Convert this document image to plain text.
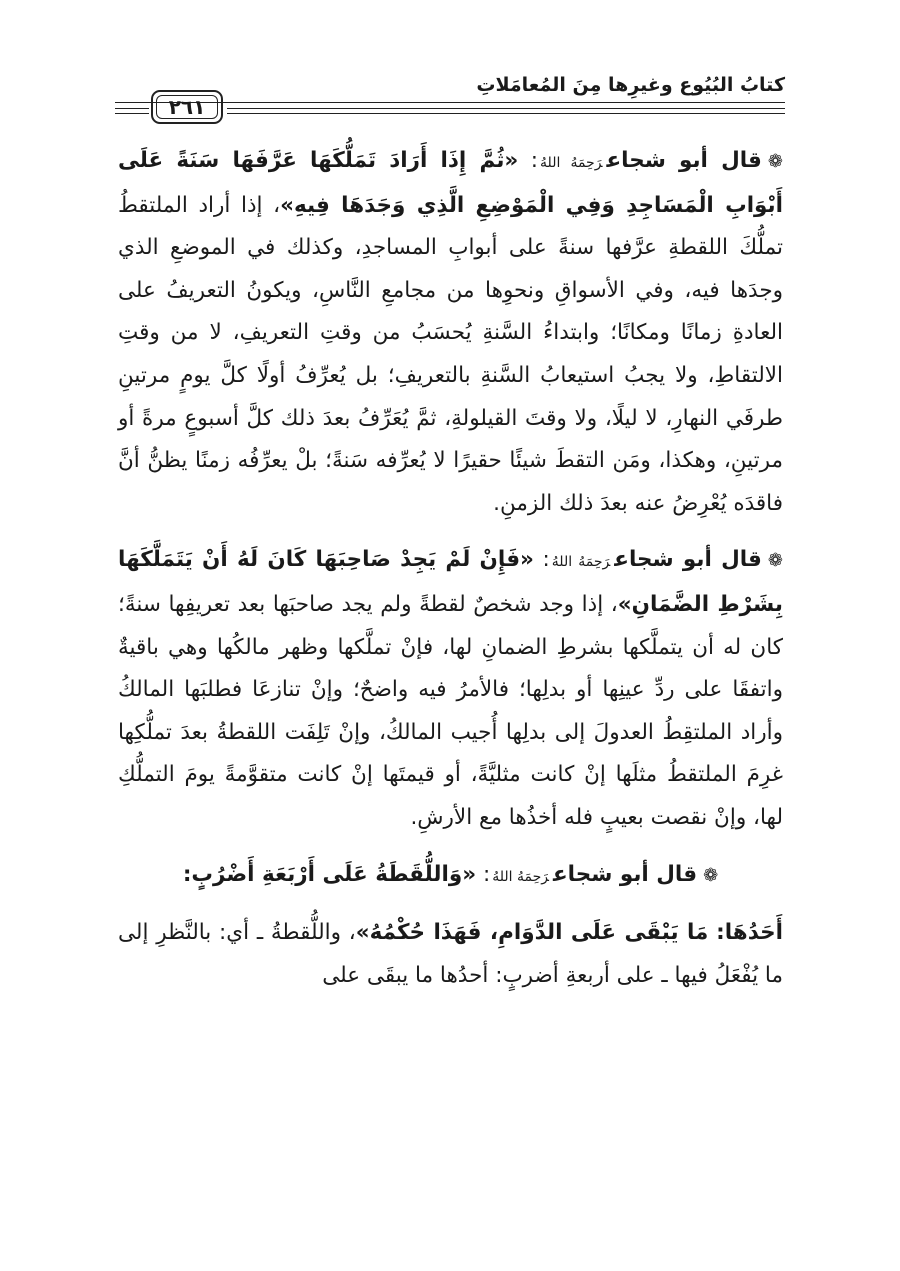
كتابُ البُيُوع وغيرِها مِنَ المُعامَلاتِ
٢٦١

❁قال أبو شجاعرَحِمَهُ اللهُ: «ثُمَّ إِذَا أَرَادَ تَمَلُّكَهَا عَرَّفَهَا سَنَةً عَلَى أَبْوَابِ الْمَسَاجِدِ وَفِي الْمَوْضِعِ الَّذِي وَجَدَهَا فِيهِ»، إذا أراد الملتقطُ تملُّكَ اللقطةِ عرَّفها سنةً على أبوابِ المساجدِ، وكذلك في الموضعِ الذي وجدَها فيه، وفي الأسواقِ ونحوِها من مجامعِ النَّاسِ، ويكونُ التعريفُ على العادةِ زمانًا ومكانًا؛ وابتداءُ السَّنةِ يُحسَبُ من وقتِ التعريفِ، لا من وقتِ الالتقاطِ، ولا يجبُ استيعابُ السَّنةِ بالتعريفِ؛ بل يُعرِّفُ أولًا كلَّ يومٍ مرتينِ طرفَي النهارِ، لا ليلًا، ولا وقتَ القيلولةِ، ثمَّ يُعَرِّفُ بعدَ ذلك كلَّ أسبوعٍ مرةً أو مرتينِ، وهكذا، ومَن التقطَ شيئًا حقيرًا لا يُعرِّفه سَنةً؛ بلْ يعرِّفُه زمنًا يظنُّ أنَّ فاقدَه يُعْرِضُ عنه بعدَ ذلك الزمنِ.

❁قال أبو شجاعرَحِمَهُ اللهُ: «فَإِنْ لَمْ يَجِدْ صَاحِبَهَا كَانَ لَهُ أَنْ يَتَمَلَّكَهَا بِشَرْطِ الضَّمَانِ»، إذا وجد شخصٌ لقطةً ولم يجد صاحبَها بعد تعريفِها سنةً؛ كان له أن يتملَّكها بشرطِ الضمانِ لها، فإنْ تملَّكها وظهر مالكُها وهي باقيةٌ واتفقَا على ردِّ عينِها أو بدلِها؛ فالأمرُ فيه واضحٌ؛ وإنْ تنازعَا فطلبَها المالكُ وأراد الملتقِطُ العدولَ إلى بدلِها أُجيب المالكُ، وإنْ تَلِفَت اللقطةُ بعدَ تملُّكِها غرِمَ الملتقطُ مثلَها إنْ كانت مثليَّةً، أو قيمتَها إنْ كانت متقوَّمةً يومَ التملُّكِ لها، وإنْ نقصت بعيبٍ فله أخذُها مع الأرشِ.

❁قال أبو شجاعرَحِمَهُ اللهُ: «وَاللُّقَطَةُ عَلَى أَرْبَعَةِ أَضْرُبٍ:

أَحَدُهَا: مَا يَبْقَى عَلَى الدَّوَامِ، فَهَذَا حُكْمُهُ»، واللُّقطةُ ـ أي: بالنَّظرِ إلى ما يُفْعَلُ فيها ـ على أربعةِ أضربٍ: أحدُها ما يبقَى على
